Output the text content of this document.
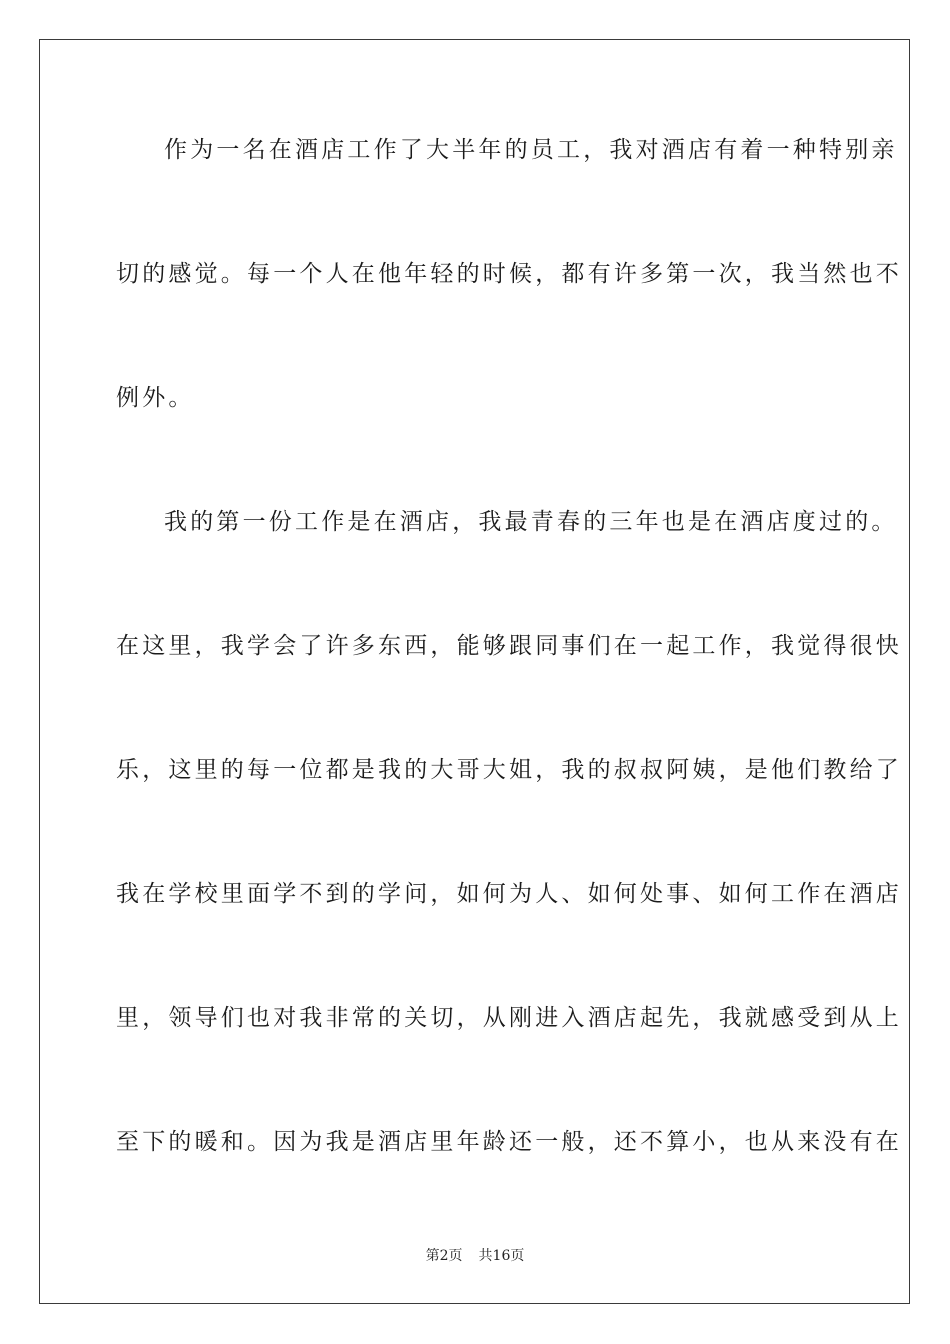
作为一名在酒店工作了大半年的员工，我对酒店有着一种特别亲
切的感觉。每一个人在他年轻的时候，都有许多第一次，我当然也不
例外。
我的第一份工作是在酒店，我最青春的三年也是在酒店度过的。
在这里，我学会了许多东西，能够跟同事们在一起工作，我觉得很快
乐，这里的每一位都是我的大哥大姐，我的叔叔阿姨，是他们教给了
我在学校里面学不到的学问，如何为人、如何处事、如何工作在酒店
里，领导们也对我非常的关切，从刚进入酒店起先，我就感受到从上
至下的暖和。因为我是酒店里年龄还一般，还不算小，也从来没有在
第2页 共16页
